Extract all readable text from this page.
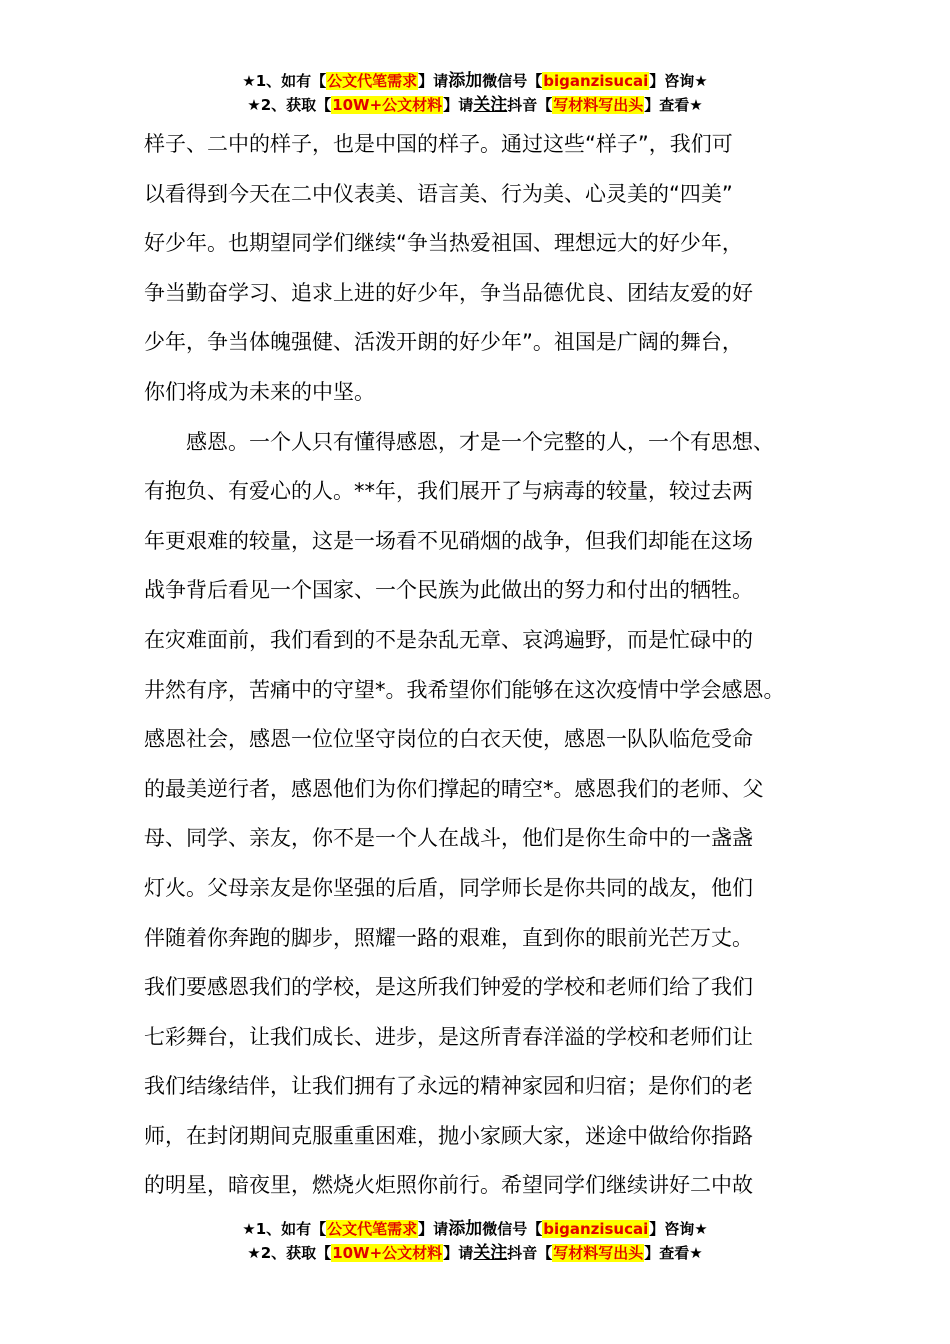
★1、如有【公文代笔需求】请添加微信号【biganzisucai】咨询★
★2、获取【10W+公文材料】请关注抖音【写材料写出头】查看★
样子、二中的样子，也是中国的样子。通过这些“样子”，我们可
以看得到今天在二中仪表美、语言美、行为美、心灵美的“四美”
好少年。也期望同学们继续“争当热爱祖国、理想远大的好少年，
争当勤奋学习、追求上进的好少年，争当品德优良、团结友爱的好
少年，争当体魄强健、活泼开朗的好少年”。祖国是广阔的舞台，
你们将成为未来的中坚。
　　感恩。一个人只有懂得感恩，才是一个完整的人，一个有思想、
有抱负、有爱心的人。**年，我们展开了与病毒的较量，较过去两
年更艰难的较量，这是一场看不见硝烟的战争，但我们却能在这场
战争背后看见一个国家、一个民族为此做出的努力和付出的牺牲。
在灾难面前，我们看到的不是杂乱无章、哀鸿遍野，而是忙碌中的
井然有序，苦痛中的守望*。我希望你们能够在这次疫情中学会感恩。
感恩社会，感恩一位位坚守岗位的白衣天使，感恩一队队临危受命
的最美逆行者，感恩他们为你们撑起的晴空*。感恩我们的老师、父
母、同学、亲友，你不是一个人在战斗，他们是你生命中的一盏盏
灯火。父母亲友是你坚强的后盾，同学师长是你共同的战友，他们
伴随着你奔跑的脚步，照耀一路的艰难，直到你的眼前光芒万丈。
我们要感恩我们的学校，是这所我们钟爱的学校和老师们给了我们
七彩舞台，让我们成长、进步，是这所青春洋溢的学校和老师们让
我们结缘结伴，让我们拥有了永远的精神家园和归宿；是你们的老
师，在封闭期间克服重重困难，抛小家顾大家，迷途中做给你指路
的明星，暗夜里，燃烧火炬照你前行。希望同学们继续讲好二中故
★1、如有【公文代笔需求】请添加微信号【biganzisucai】咨询★
★2、获取【10W+公文材料】请关注抖音【写材料写出头】查看★
